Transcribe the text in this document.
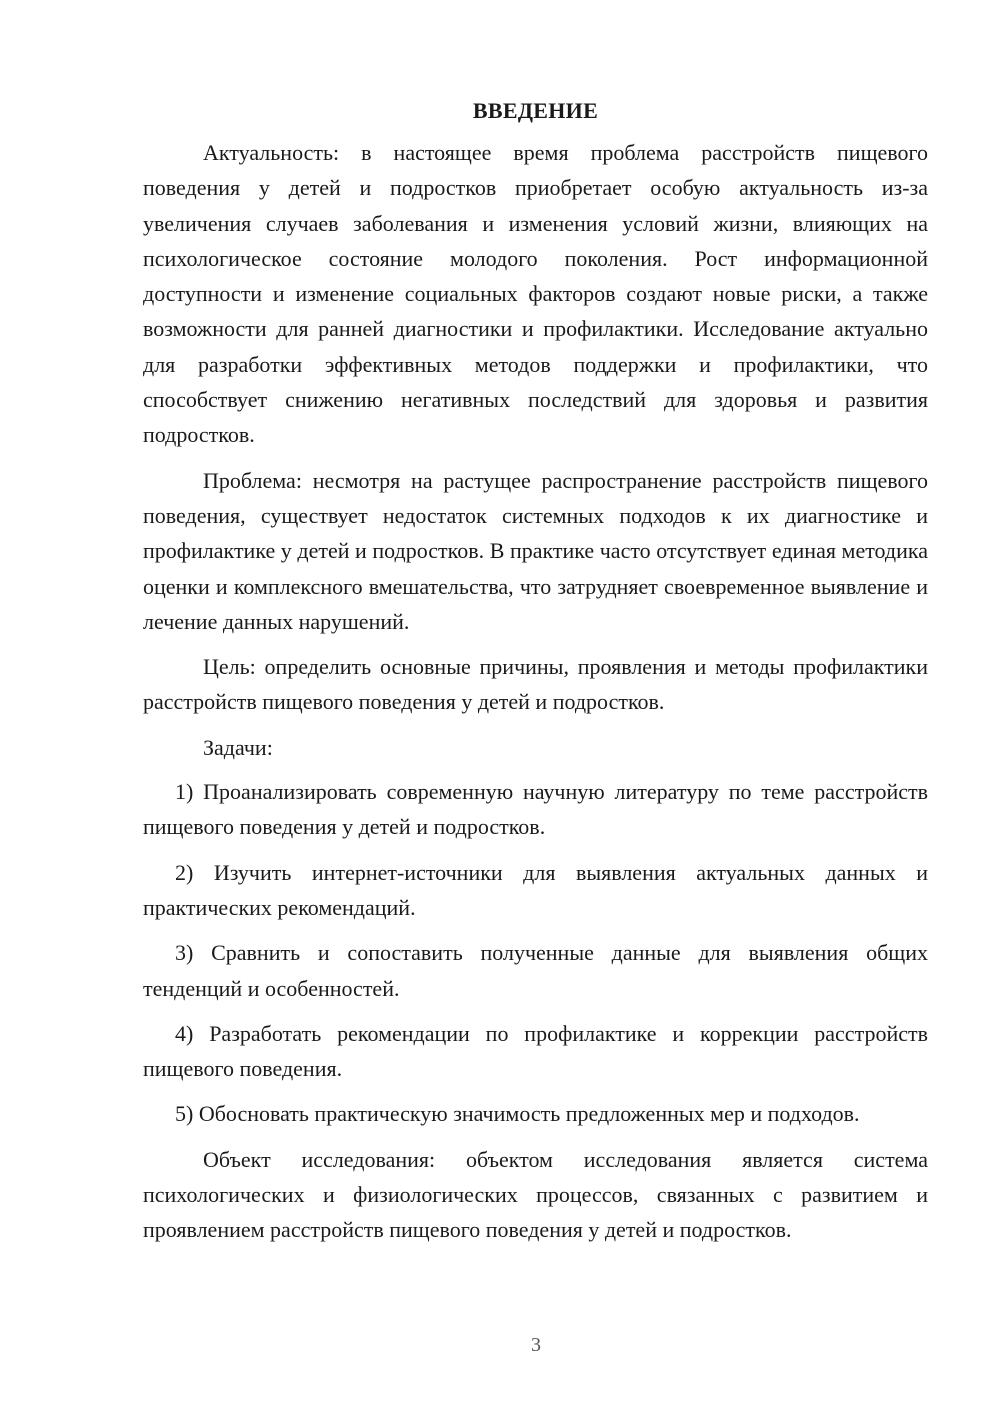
ВВЕДЕНИЕ

Актуальность: в настоящее время проблема расстройств пищевого поведения у детей и подростков приобретает особую актуальность из-за увеличения случаев заболевания и изменения условий жизни, влияющих на психологическое состояние молодого поколения. Рост информационной доступности и изменение социальных факторов создают новые риски, а также возможности для ранней диагностики и профилактики. Исследование актуально для разработки эффективных методов поддержки и профилактики, что способствует снижению негативных последствий для здоровья и развития подростков.

Проблема: несмотря на растущее распространение расстройств пищевого поведения, существует недостаток системных подходов к их диагностике и профилактике у детей и подростков. В практике часто отсутствует единая методика оценки и комплексного вмешательства, что затрудняет своевременное выявление и лечение данных нарушений.

Цель: определить основные причины, проявления и методы профилактики расстройств пищевого поведения у детей и подростков.

Задачи:

1) Проанализировать современную научную литературу по теме расстройств пищевого поведения у детей и подростков.

2) Изучить интернет-источники для выявления актуальных данных и практических рекомендаций.

3) Сравнить и сопоставить полученные данные для выявления общих тенденций и особенностей.

4) Разработать рекомендации по профилактике и коррекции расстройств пищевого поведения.

5) Обосновать практическую значимость предложенных мер и подходов.

Объект исследования: объектом исследования является система психологических и физиологических процессов, связанных с развитием и проявлением расстройств пищевого поведения у детей и подростков.

3
